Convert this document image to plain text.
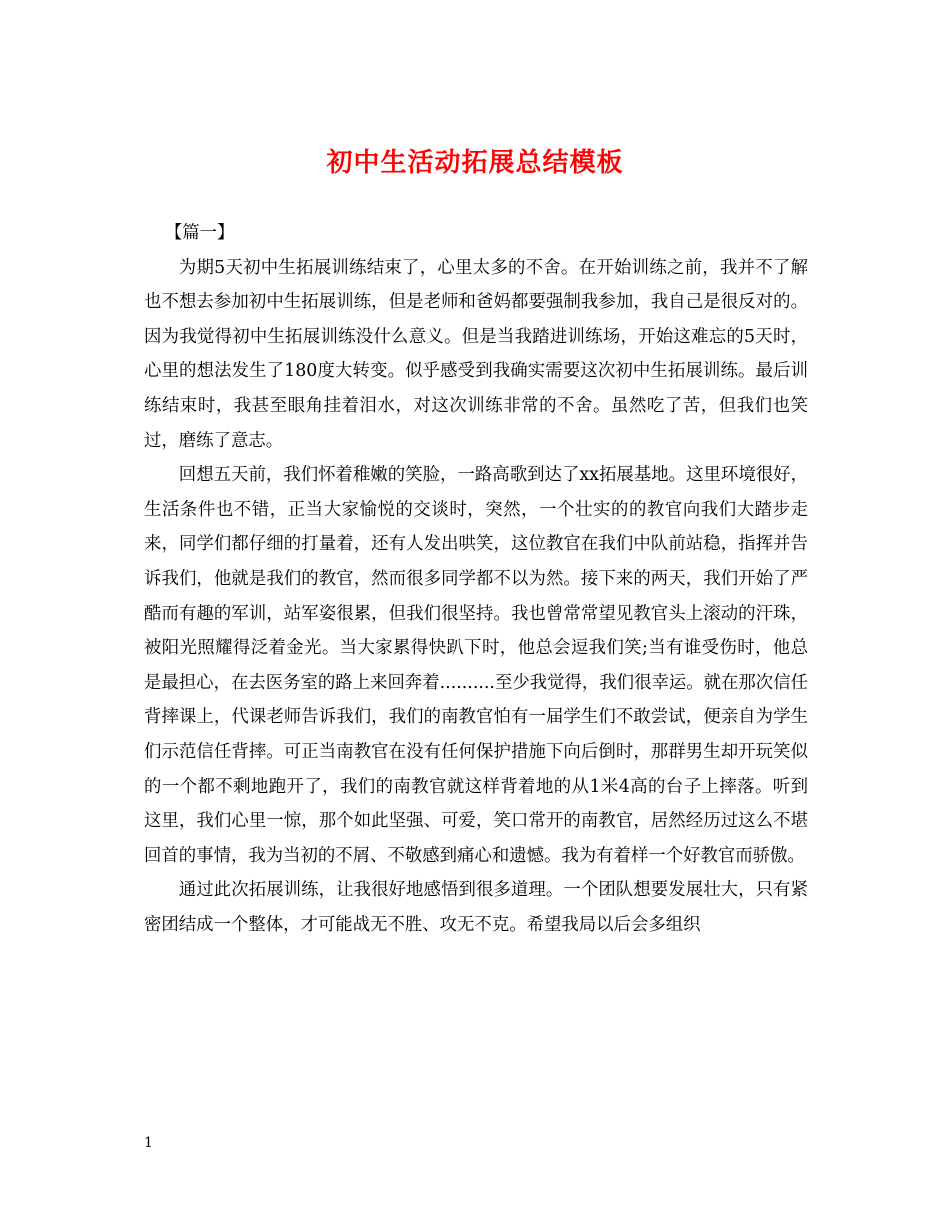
初中生活动拓展总结模板

【篇一】

为期5天初中生拓展训练结束了，心里太多的不舍。在开始训练之前，我并不了解也不想去参加初中生拓展训练，但是老师和爸妈都要强制我参加，我自己是很反对的。因为我觉得初中生拓展训练没什么意义。但是当我踏进训练场，开始这难忘的5天时，心里的想法发生了180度大转变。似乎感受到我确实需要这次初中生拓展训练。最后训练结束时，我甚至眼角挂着泪水，对这次训练非常的不舍。虽然吃了苦，但我们也笑过，磨练了意志。

回想五天前，我们怀着稚嫩的笑脸，一路高歌到达了xx拓展基地。这里环境很好，生活条件也不错，正当大家愉悦的交谈时，突然，一个壮实的的教官向我们大踏步走来，同学们都仔细的打量着，还有人发出哄笑，这位教官在我们中队前站稳，指挥并告诉我们，他就是我们的教官，然而很多同学都不以为然。接下来的两天，我们开始了严酷而有趣的军训，站军姿很累，但我们很坚持。我也曾常常望见教官头上滚动的汗珠，被阳光照耀得泛着金光。当大家累得快趴下时，他总会逗我们笑;当有谁受伤时，他总是最担心，在去医务室的路上来回奔着..........至少我觉得，我们很幸运。就在那次信任背摔课上，代课老师告诉我们，我们的南教官怕有一届学生们不敢尝试，便亲自为学生们示范信任背摔。可正当南教官在没有任何保护措施下向后倒时，那群男生却开玩笑似的一个都不剩地跑开了，我们的南教官就这样背着地的从1米4高的台子上摔落。听到这里，我们心里一惊，那个如此坚强、可爱，笑口常开的南教官，居然经历过这么不堪回首的事情，我为当初的不屑、不敬感到痛心和遗憾。我为有着样一个好教官而骄傲。

通过此次拓展训练，让我很好地感悟到很多道理。一个团队想要发展壮大，只有紧密团结成一个整体，才可能战无不胜、攻无不克。希望我局以后会多组织

1
